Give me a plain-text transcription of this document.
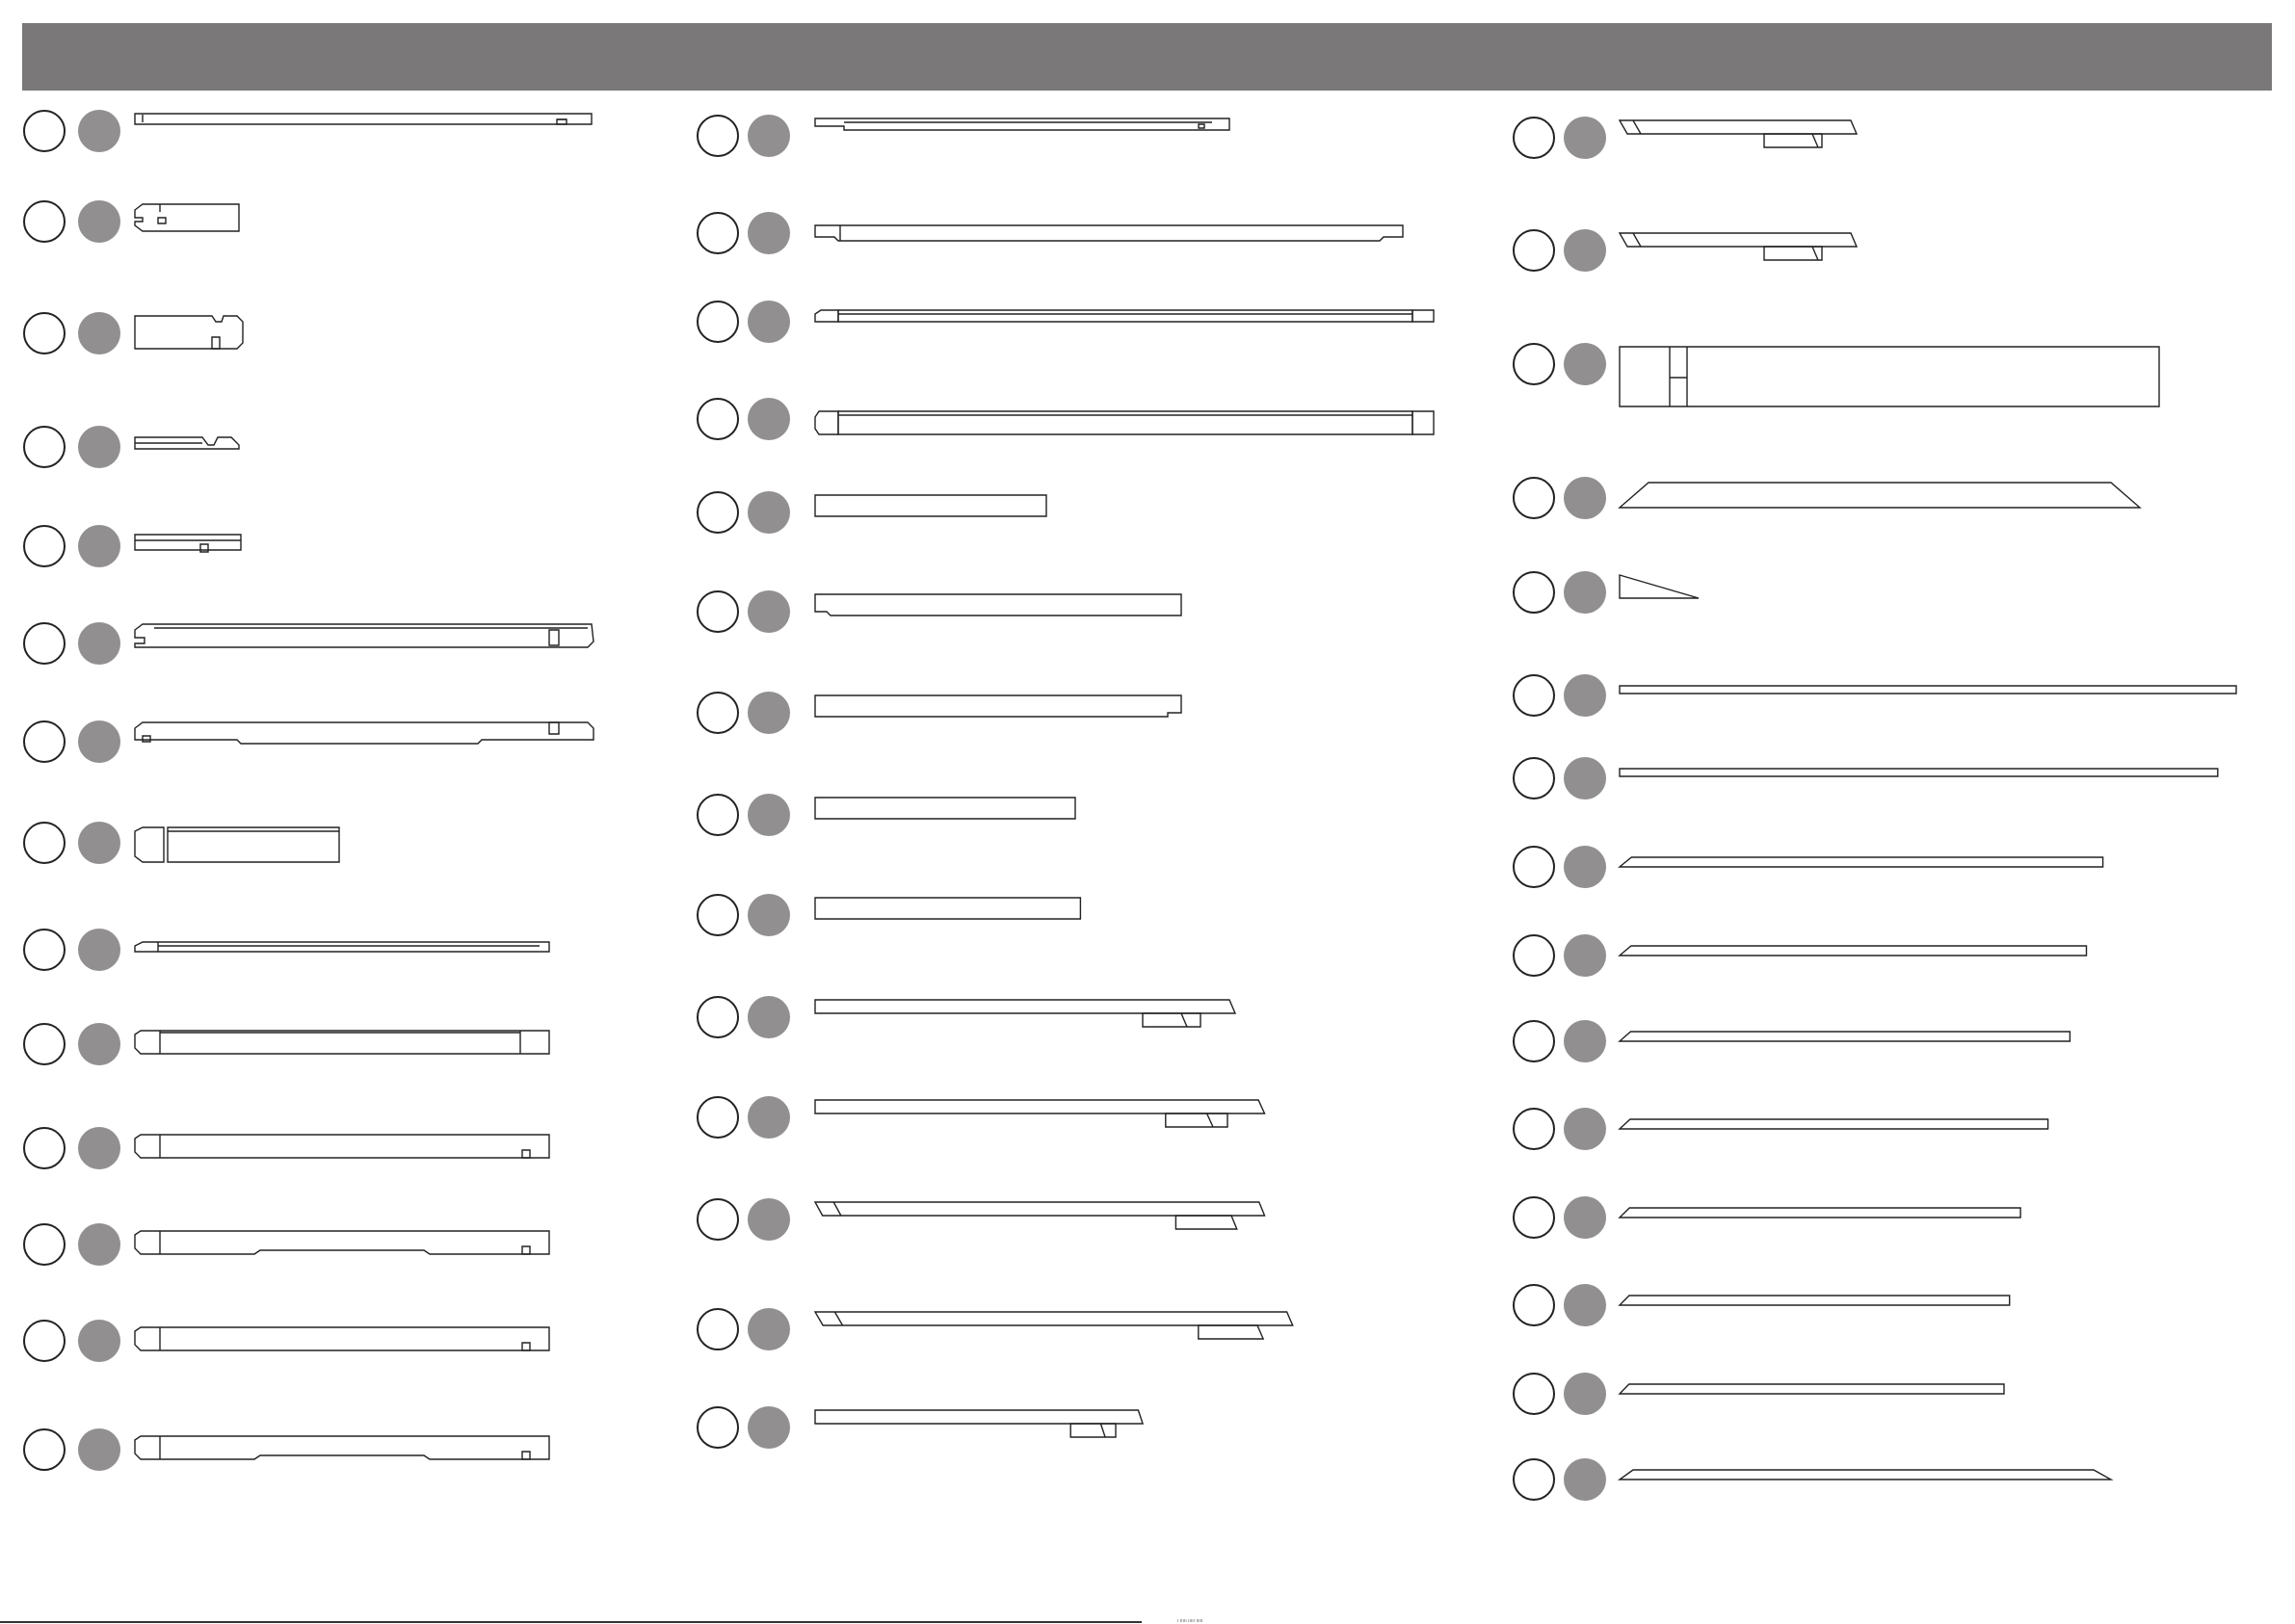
ı ııııı ııııı ııııı
